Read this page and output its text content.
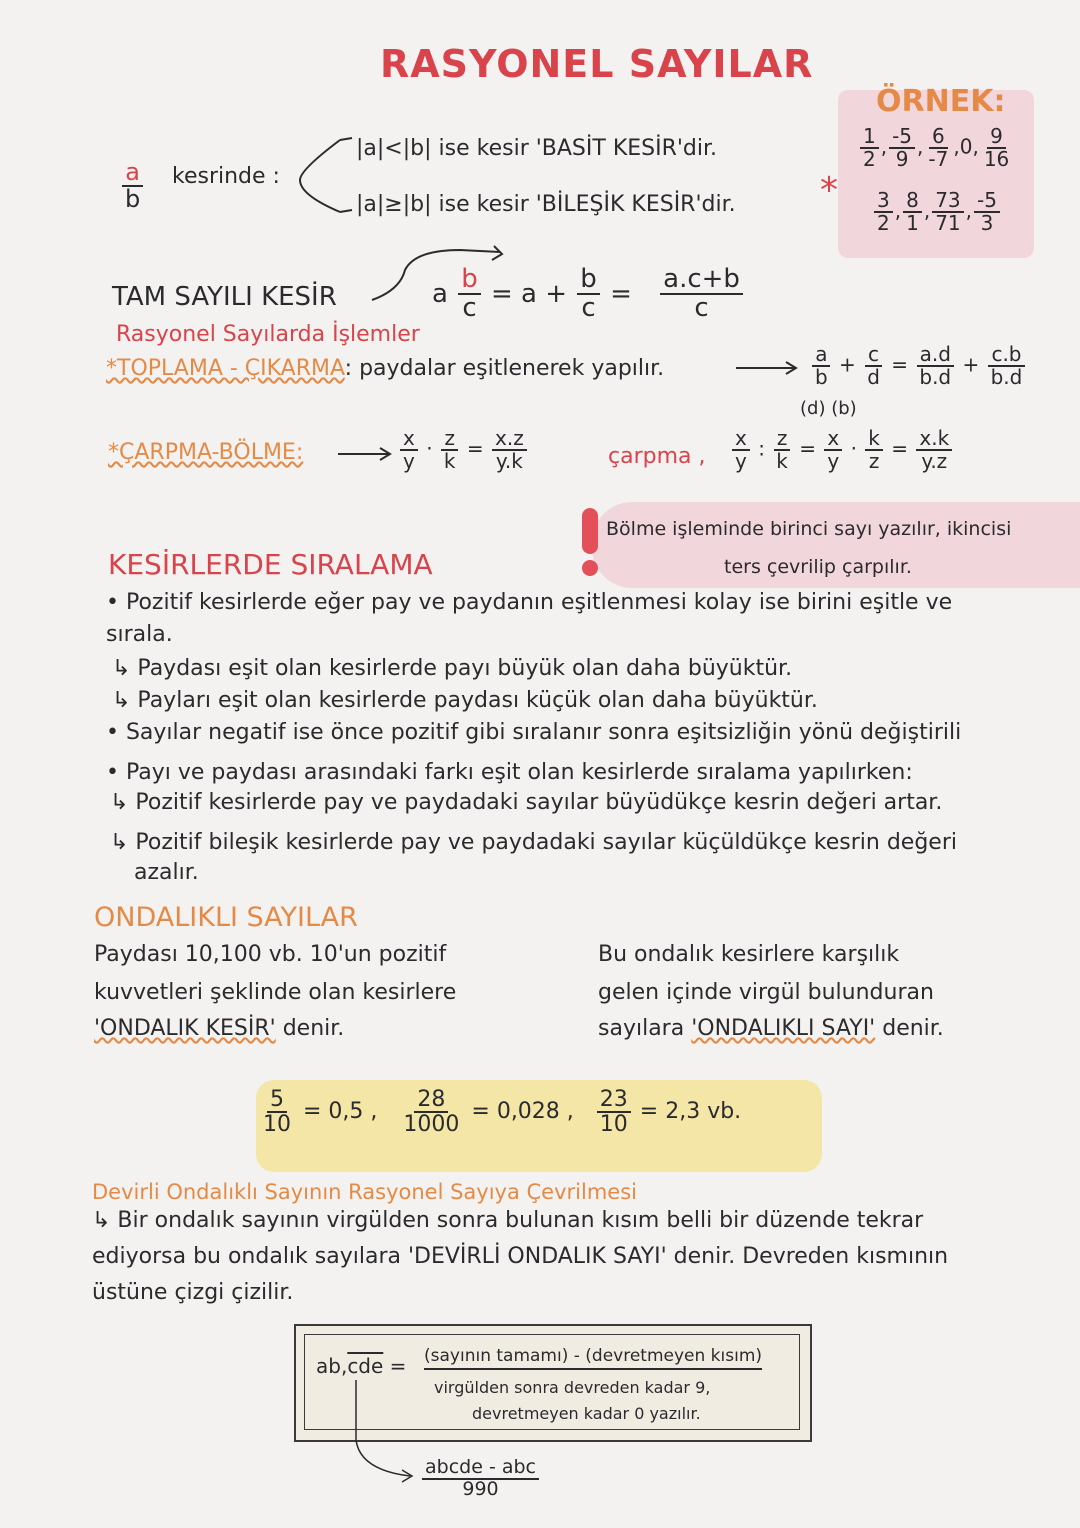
RASYONEL SAYILAR
ÖRNEK:
$\frac{1}{2}$ , $\frac{-5}{9}$ , $\frac{6}{-7} ,0$, $\frac{9}{16}$
$\frac{3}{2}$ , $\frac{8}{1}$ , $\frac{73}{71}$ , $\frac{-5}{3}$
*
$\frac{a}{b}$ kesrinde :
|a|<|b| ise kesir 'BASİT KESİR'dir.
|a|≥|b| ise kesir 'BİLEŞİK KESİR'dir.
TAM SAYILI KESİR	a $\frac{b}{c} = a + \frac{b}{c} = \frac{a.c+b}{c}$
Rasyonel Sayılarda İşlemler
*TOPLAMA - ÇIKARMA: paydalar eşitlenerek yapılır.	$\frac{a}{b} + \frac{c}{d} = \frac{a.d}{b.d} + \frac{c.b}{b.d}$
(d) (b)
*ÇARPMA-BÖLME:	$\frac{x}{y} \cdot \frac{z}{k} = \frac{x.z}{y.k}$	çarpma , $\frac{x}{y}$ : $\frac{z}{k} = \frac{x}{y} \cdot \frac{k}{z} = \frac{x.k}{y.z}$
Bölme işleminde birinci sayı yazılır, ikincisi
ters çevrilip çarpılır.
KESİRLERDE SIRALAMA
• Pozitif kesirlerde eğer pay ve paydanın eşitlenmesi kolay ise birini eşitle ve
sırala.
↳ Paydası eşit olan kesirlerde payı büyük olan daha büyüktür.
↳ Payları eşit olan kesirlerde paydası küçük olan daha büyüktür.
• Sayılar negatif ise önce pozitif gibi sıralanır sonra eşitsizliğin yönü değiştirili
• Payı ve paydası arasındaki farkı eşit olan kesirlerde sıralama yapılırken:
↳ Pozitif kesirlerde pay ve paydadaki sayılar büyüdükçe kesrin değeri artar.
↳ Pozitif bileşik kesirlerde pay ve paydadaki sayılar küçüldükçe kesrin değeri
azalır.
ONDALIKLI SAYILAR
Paydası 10,100 vb. 10'un pozitif
kuvvetleri şeklinde olan kesirlere
'ONDALIK KESİR' denir.
Bu ondalık kesirlere karşılık
gelen içinde virgül bulunduran
sayılara 'ONDALIKLI SAYI' denir.
$\frac{5}{10} = 0,5$ , $\frac{28}{1000} = 0,028$ , $\frac{23}{10} = 2,3$ vb.
Devirli Ondalıklı Sayının Rasyonel Sayıya Çevrilmesi
↳ Bir ondalık sayının virgülden sonra bulunan kısım belli bir düzende tekrar
ediyorsa bu ondalık sayılara 'DEVİRLİ ONDALIK SAYI' denir. Devreden kısmının
üstüne çizgi çizilir.
$ab,\overline{cde}$ = (sayının tamamı) - (devretmeyen kısım)
virgülden sonra devreden kadar 9,
devretmeyen kadar 0 yazılır.
abcde - abc
990
